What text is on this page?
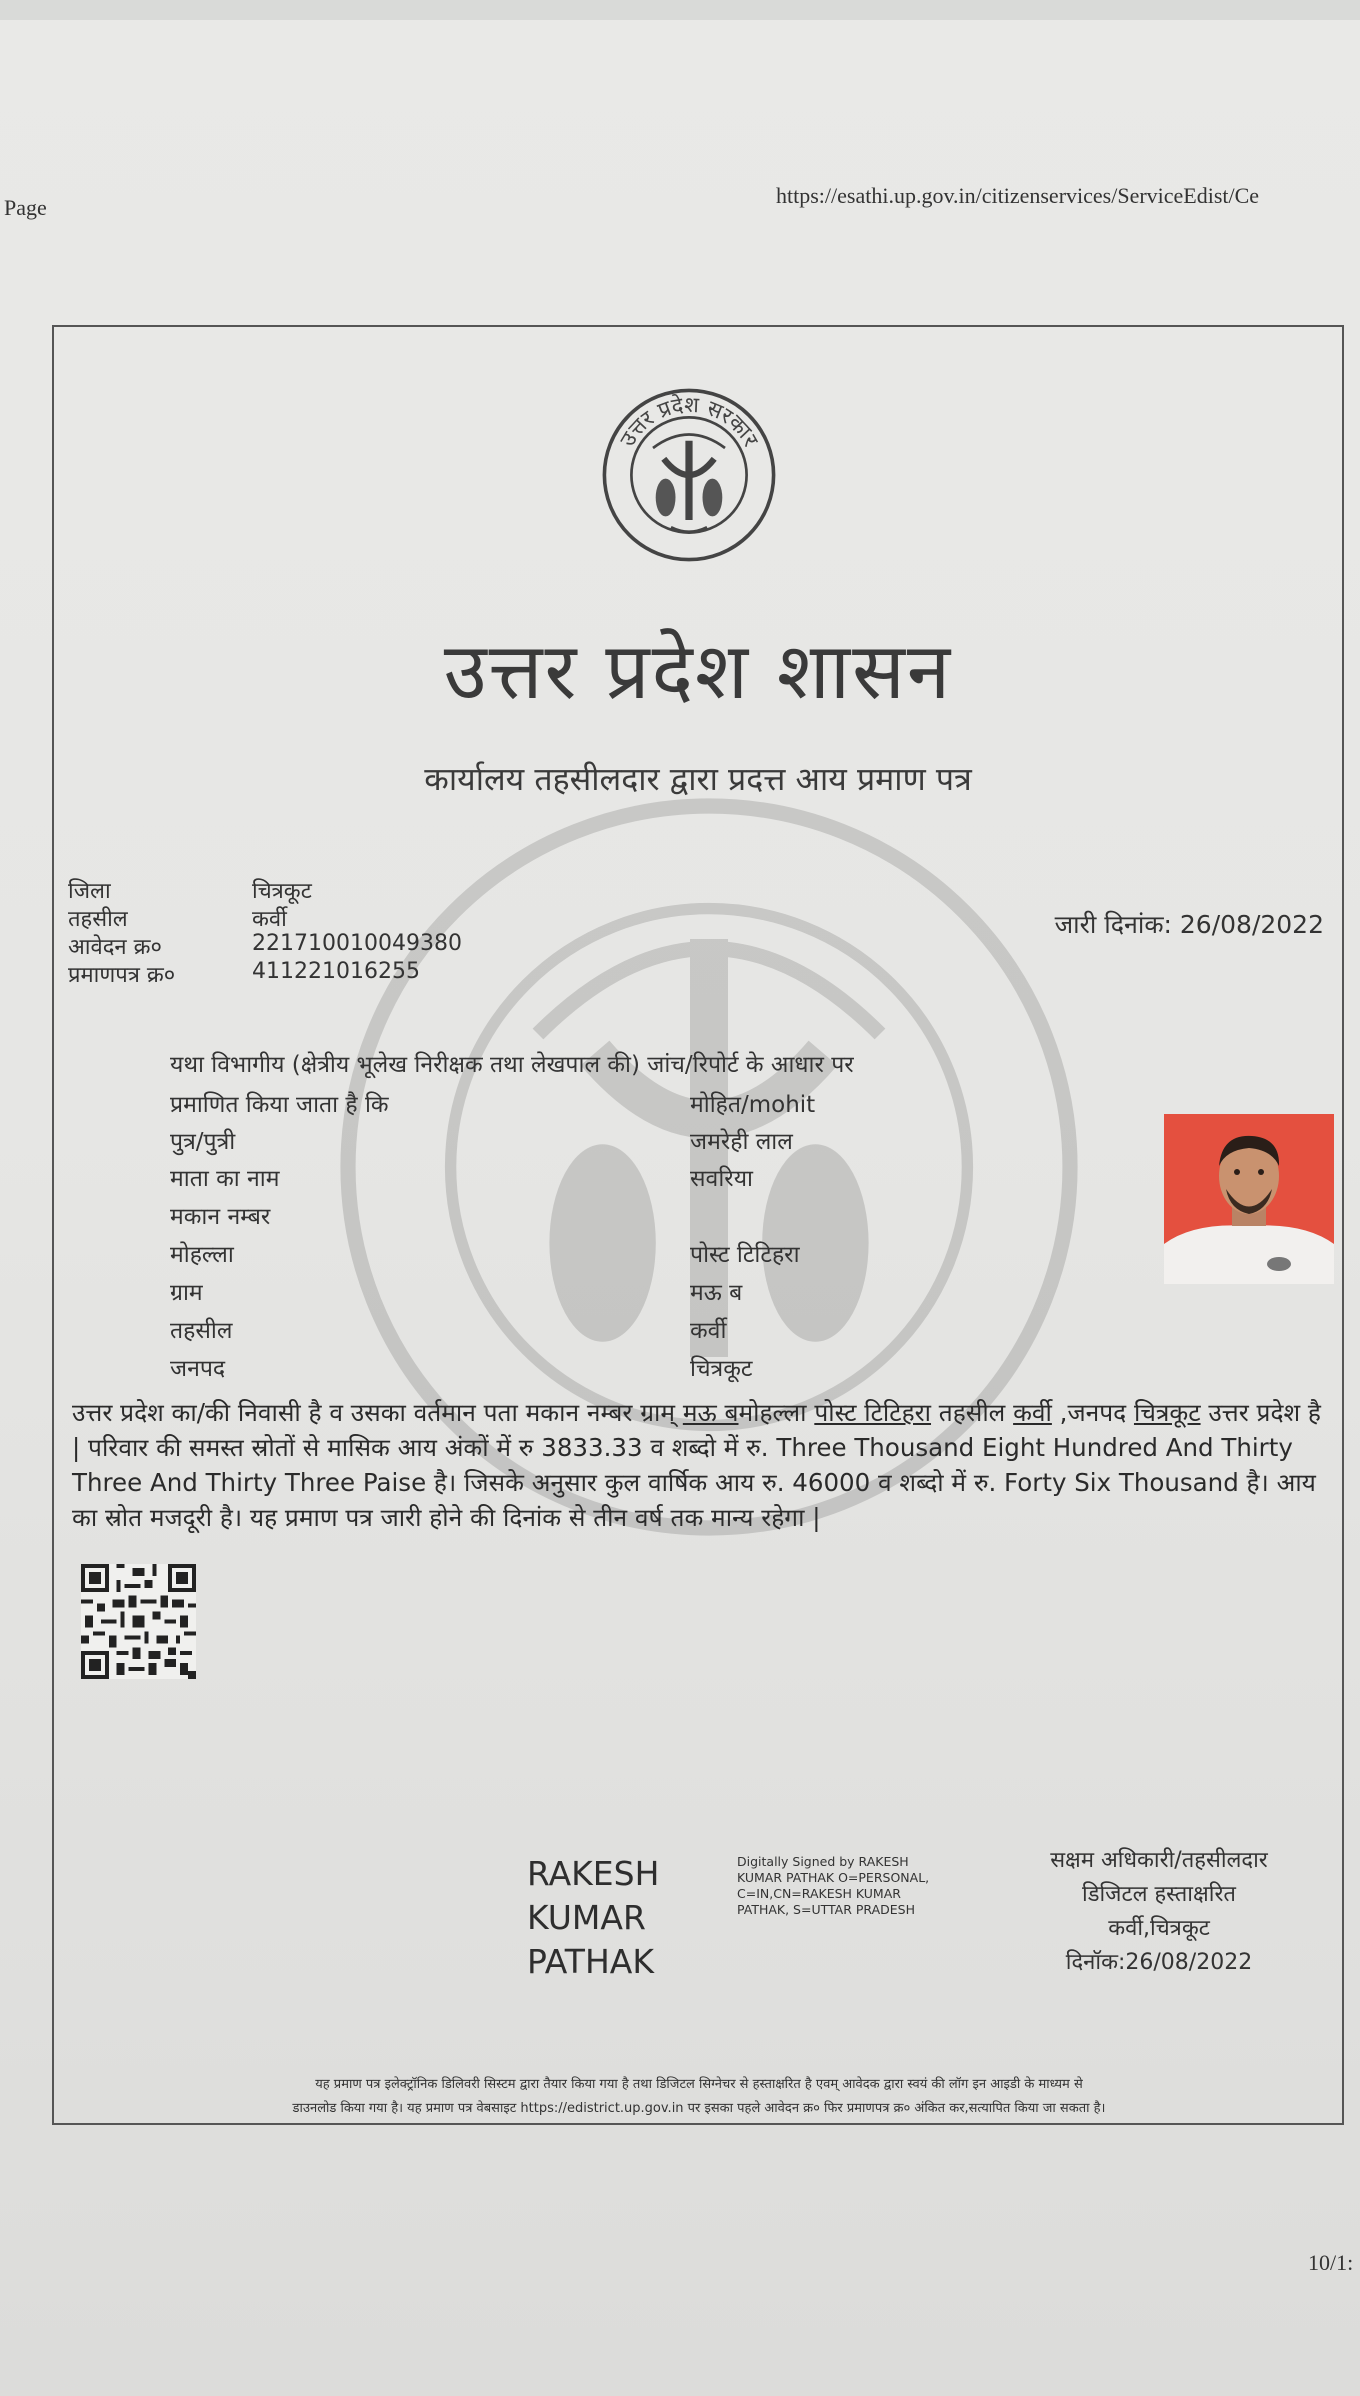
Page	https://esathi.up.gov.in/citizenservices/ServiceEdist/Ce
उत्तर प्रदेश सरकार
उत्तर प्रदेश शासन
कार्यालय तहसीलदार द्वारा प्रदत्त आय प्रमाण पत्र
जिला	चित्रकूट
तहसील	कर्वी
आवेदन क्र०	221710010049380
प्रमाणपत्र क्र०	411221016255
जारी दिनांक: 26/08/2022
यथा विभागीय (क्षेत्रीय भूलेख निरीक्षक तथा लेखपाल की) जांच/रिपोर्ट के आधार पर
प्रमाणित किया जाता है कि	मोहित/mohit
पुत्र/पुत्री	जमरेही लाल
माता का नाम	सवरिया
मकान नम्बर
मोहल्ला	पोस्ट टिटिहरा
ग्राम	मऊ ब
तहसील	कर्वी
जनपद	चित्रकूट
उत्तर प्रदेश का/की निवासी है व उसका वर्तमान पता मकान नम्बर ग्राम् मऊ बमोहल्ला पोस्ट टिटिहरा तहसील कर्वी ,जनपद चित्रकूट उत्तर प्रदेश है | परिवार की समस्त स्रोतों से मासिक आय अंकों में रु 3833.33 व शब्दो में रु. Three Thousand Eight Hundred And Thirty Three And Thirty Three Paise है। जिसके अनुसार कुल वार्षिक आय रु. 46000 व शब्दो में रु. Forty Six Thousand है। आय का स्रोत मजदूरी है। यह प्रमाण पत्र जारी होने की दिनांक से तीन वर्ष तक मान्य रहेगा |
RAKESH
KUMAR
PATHAK
Digitally Signed by RAKESH KUMAR PATHAK O=PERSONAL, C=IN,CN=RAKESH KUMAR PATHAK, S=UTTAR PRADESH
सक्षम अधिकारी/तहसीलदार
डिजिटल हस्ताक्षरित
कर्वी,चित्रकूट
दिनॉक:26/08/2022
यह प्रमाण पत्र इलेक्ट्रॉनिक डिलिवरी सिस्टम द्वारा तैयार किया गया है तथा डिजिटल सिग्नेचर से हस्ताक्षरित है एवम् आवेदक द्वारा स्वयं की लॉग इन आइडी के माध्यम से
डाउनलोड किया गया है। यह प्रमाण पत्र वेबसाइट https://edistrict.up.gov.in पर इसका पहले आवेदन क्र० फिर प्रमाणपत्र क्र० अंकित कर,सत्यापित किया जा सकता है।
10/1:
